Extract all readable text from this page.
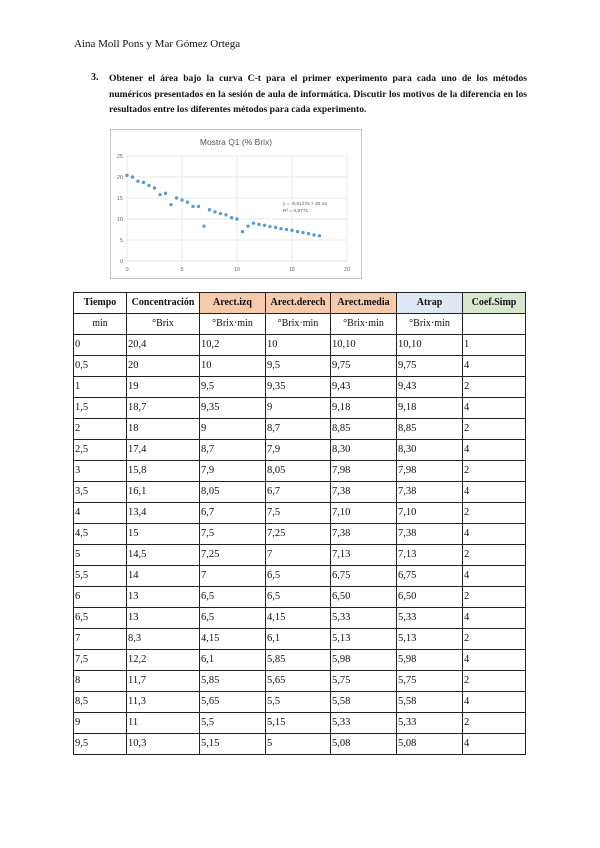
Aina Moll Pons y Mar Gómez Ortega
3. Obtener el área bajo la curva C-t para el primer experimento para cada uno de los métodos numéricos presentados en la sesión de aula de informática. Discutir los motivos de la diferencia en los resultados entre los diferentes métodos para cada experimento.
Mostra Q1 (% Brix)
0
5
10
15
20
25
0	5	10	15	20
y = -0,6127x + 20,16
R² = 0,9771
Tiempo	Concentración	Arect.izq	Arect.derech	Arect.media	Atrap	Coef.Simp
min	°Brix	°Brix·min	°Brix·min	°Brix·min	°Brix·min	
0	20,4	10,2	10	10,10	10,10	1
0,5	20	10	9,5	9,75	9,75	4
1	19	9,5	9,35	9,43	9,43	2
1,5	18,7	9,35	9	9,18	9,18	4
2	18	9	8,7	8,85	8,85	2
2,5	17,4	8,7	7,9	8,30	8,30	4
3	15,8	7,9	8,05	7,98	7,98	2
3,5	16,1	8,05	6,7	7,38	7,38	4
4	13,4	6,7	7,5	7,10	7,10	2
4,5	15	7,5	7,25	7,38	7,38	4
5	14,5	7,25	7	7,13	7,13	2
5,5	14	7	6,5	6,75	6,75	4
6	13	6,5	6,5	6,50	6,50	2
6,5	13	6,5	4,15	5,33	5,33	4
7	8,3	4,15	6,1	5,13	5,13	2
7,5	12,2	6,1	5,85	5,98	5,98	4
8	11,7	5,85	5,65	5,75	5,75	2
8,5	11,3	5,65	5,5	5,58	5,58	4
9	11	5,5	5,15	5,33	5,33	2
9,5	10,3	5,15	5	5,08	5,08	4
